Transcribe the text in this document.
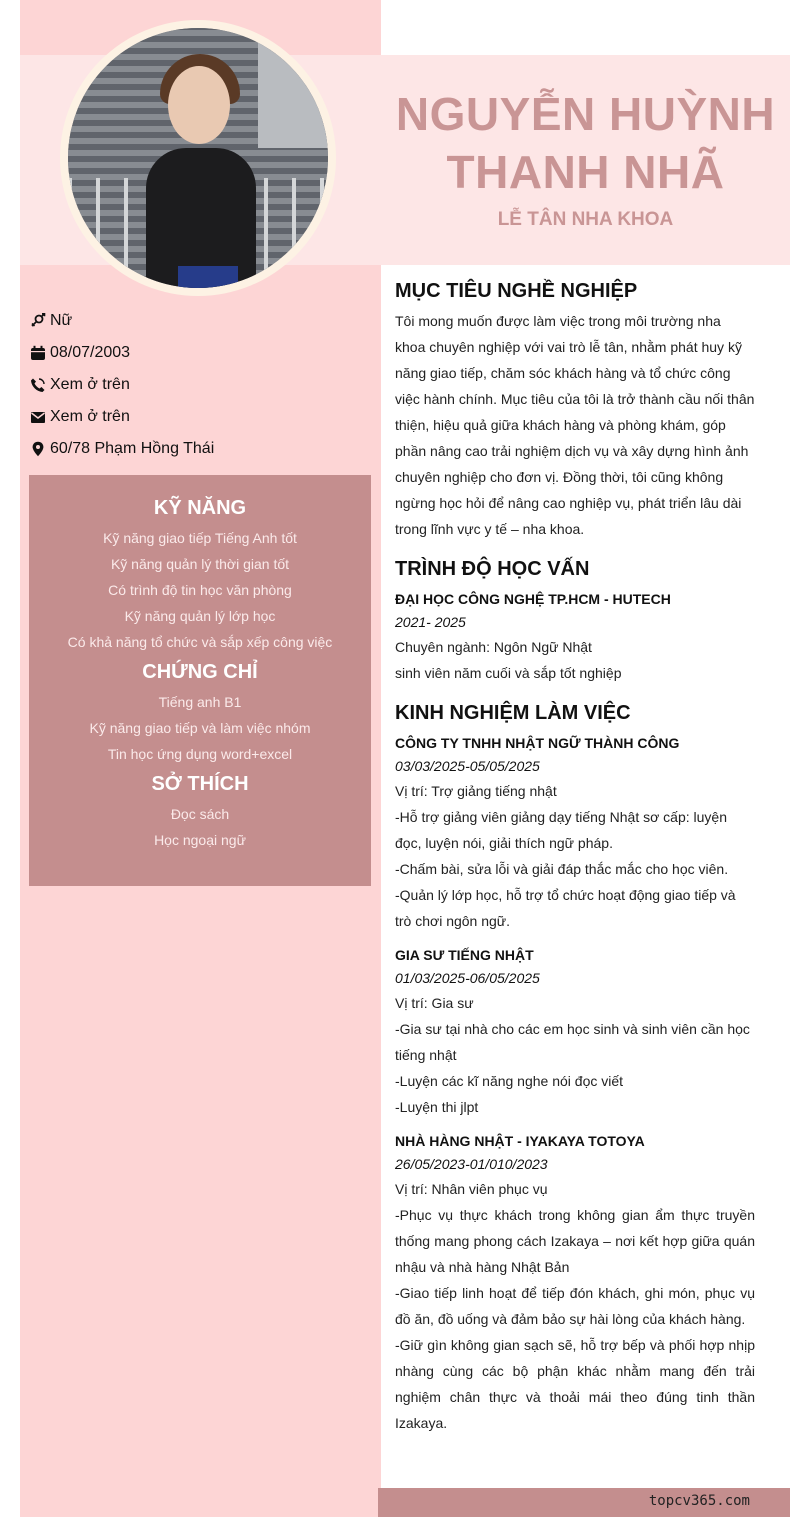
NGUYỄN HUỲNH
THANH NHÃ
LỄ TÂN NHA KHOA
Nữ
08/07/2003
Xem ở trên
Xem ở trên
60/78 Phạm Hồng Thái
KỸ NĂNG
Kỹ năng giao tiếp Tiếng Anh tốt
Kỹ năng quản lý thời gian tốt
Có trình độ tin học văn phòng
Kỹ năng quản lý lớp học
Có khả năng tổ chức và sắp xếp công việc
CHỨNG CHỈ
Tiếng anh B1
Kỹ năng giao tiếp và làm việc nhóm
Tin học ứng dụng word+excel
SỞ THÍCH
Đọc sách
Học ngoại ngữ
MỤC TIÊU NGHỀ NGHIỆP
Tôi mong muốn được làm việc trong môi trường nha khoa chuyên nghiệp với vai trò lễ tân, nhằm phát huy kỹ năng giao tiếp, chăm sóc khách hàng và tổ chức công việc hành chính. Mục tiêu của tôi là trở thành cầu nối thân thiện, hiệu quả giữa khách hàng và phòng khám, góp phần nâng cao trải nghiệm dịch vụ và xây dựng hình ảnh chuyên nghiệp cho đơn vị. Đồng thời, tôi cũng không ngừng học hỏi để nâng cao nghiệp vụ, phát triển lâu dài trong lĩnh vực y tế – nha khoa.
TRÌNH ĐỘ HỌC VẤN
ĐẠI HỌC CÔNG NGHỆ TP.HCM - HUTECH
2021- 2025
Chuyên ngành: Ngôn Ngữ Nhật
sinh viên năm cuối và sắp tốt nghiệp
KINH NGHIỆM LÀM VIỆC
CÔNG TY TNHH NHẬT NGỮ THÀNH CÔNG
03/03/2025-05/05/2025
Vị trí: Trợ giảng tiếng nhật
-Hỗ trợ giảng viên giảng dạy tiếng Nhật sơ cấp: luyện đọc, luyện nói, giải thích ngữ pháp.
-Chấm bài, sửa lỗi và giải đáp thắc mắc cho học viên.
-Quản lý lớp học, hỗ trợ tổ chức hoạt động giao tiếp và trò chơi ngôn ngữ.
GIA SƯ TIẾNG NHẬT
01/03/2025-06/05/2025
Vị trí: Gia sư
-Gia sư tại nhà cho các em học sinh và sinh viên cần học tiếng nhật
-Luyện các kĩ năng nghe nói đọc viết
-Luyện thi jlpt
NHÀ HÀNG NHẬT - IYAKAYA TOTOYA
26/05/2023-01/010/2023
Vị trí: Nhân viên phục vụ
-Phục vụ thực khách trong không gian ẩm thực truyền thống mang phong cách Izakaya – nơi kết hợp giữa quán nhậu và nhà hàng Nhật Bản
-Giao tiếp linh hoạt để tiếp đón khách, ghi món, phục vụ đồ ăn, đồ uống và đảm bảo sự hài lòng của khách hàng.
-Giữ gìn không gian sạch sẽ, hỗ trợ bếp và phối hợp nhịp nhàng cùng các bộ phận khác nhằm mang đến trải nghiệm chân thực và thoải mái theo đúng tinh thần Izakaya.
topcv365.com
